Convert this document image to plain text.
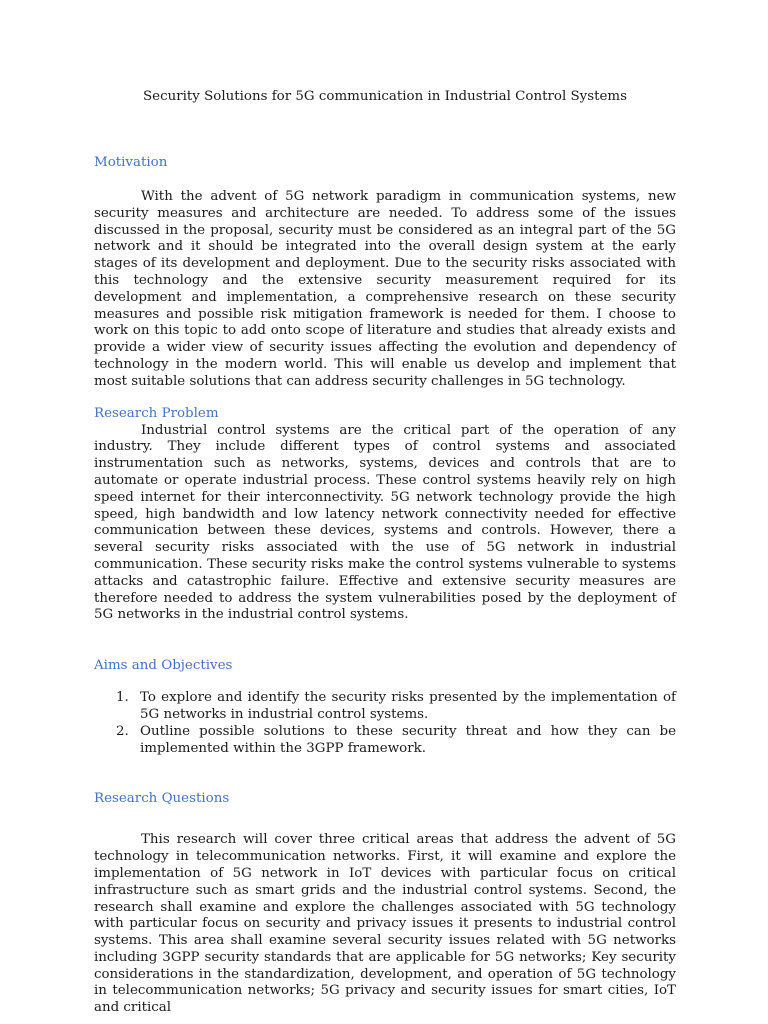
Security Solutions for 5G communication in Industrial Control Systems

Motivation

With the advent of 5G network paradigm in communication systems, new security measures and architecture are needed. To address some of the issues discussed in the proposal, security must be considered as an integral part of the 5G network and it should be integrated into the overall design system at the early stages of its development and deployment. Due to the security risks associated with this technology and the extensive security measurement required for its development and implementation, a comprehensive research on these security measures and possible risk mitigation framework is needed for them. I choose to work on this topic to add onto scope of literature and studies that already exists and provide a wider view of security issues affecting the evolution and dependency of technology in the modern world. This will enable us develop and implement that most suitable solutions that can address security challenges in 5G technology.

Research Problem

Industrial control systems are the critical part of the operation of any industry. They include different types of control systems and associated instrumentation such as networks, systems, devices and controls that are to automate or operate industrial process. These control systems heavily rely on high speed internet for their interconnectivity. 5G network technology provide the high speed, high bandwidth and low latency network connectivity needed for effective communication between these devices, systems and controls. However, there a several security risks associated with the use of 5G network in industrial communication. These security risks make the control systems vulnerable to systems attacks and catastrophic failure. Effective and extensive security measures are therefore needed to address the system vulnerabilities posed by the deployment of 5G networks in the industrial control systems.

Aims and Objectives
1. To explore and identify the security risks presented by the implementation of 5G networks in industrial control systems.
2. Outline possible solutions to these security threat and how they can be implemented within the 3GPP framework.
Research Questions

This research will cover three critical areas that address the advent of 5G technology in telecommunication networks. First, it will examine and explore the implementation of 5G network in IoT devices with particular focus on critical infrastructure such as smart grids and the industrial control systems. Second, the research shall examine and explore the challenges associated with 5G technology with particular focus on security and privacy issues it presents to industrial control systems. This area shall examine several security issues related with 5G networks including 3GPP security standards that are applicable for 5G networks; Key security considerations in the standardization, development, and operation of 5G technology in telecommunication networks; 5G privacy and security issues for smart cities, IoT and critical
